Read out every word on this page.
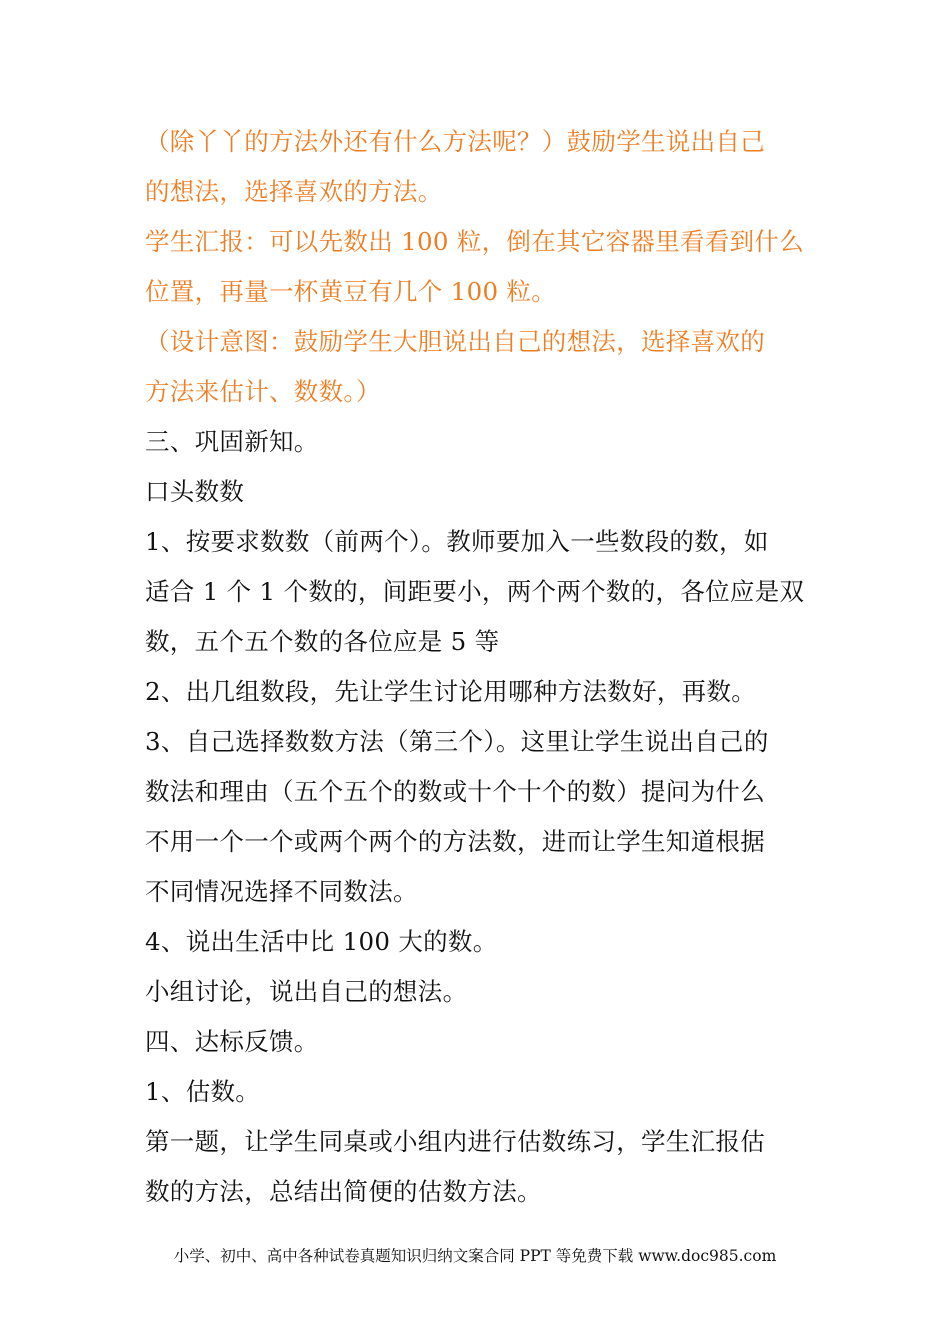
（除丫丫的方法外还有什么方法呢？）鼓励学生说出自己
的想法，选择喜欢的方法。
学生汇报：可以先数出 100 粒，倒在其它容器里看看到什么
位置，再量一杯黄豆有几个 100 粒。
（设计意图：鼓励学生大胆说出自己的想法，选择喜欢的
方法来估计、数数。）
三、巩固新知。
口头数数
1、按要求数数（前两个）。教师要加入一些数段的数，如
适合 1 个 1 个数的，间距要小，两个两个数的，各位应是双
数，五个五个数的各位应是 5 等
2、出几组数段，先让学生讨论用哪种方法数好，再数。
3、自己选择数数方法（第三个）。这里让学生说出自己的
数法和理由（五个五个的数或十个十个的数）提问为什么
不用一个一个或两个两个的方法数，进而让学生知道根据
不同情况选择不同数法。
4、说出生活中比 100 大的数。
小组讨论，说出自己的想法。
四、达标反馈。
1、估数。
第一题，让学生同桌或小组内进行估数练习，学生汇报估
数的方法，总结出简便的估数方法。
小学、初中、高中各种试卷真题知识归纳文案合同 PPT 等免费下载 www.doc985.com
